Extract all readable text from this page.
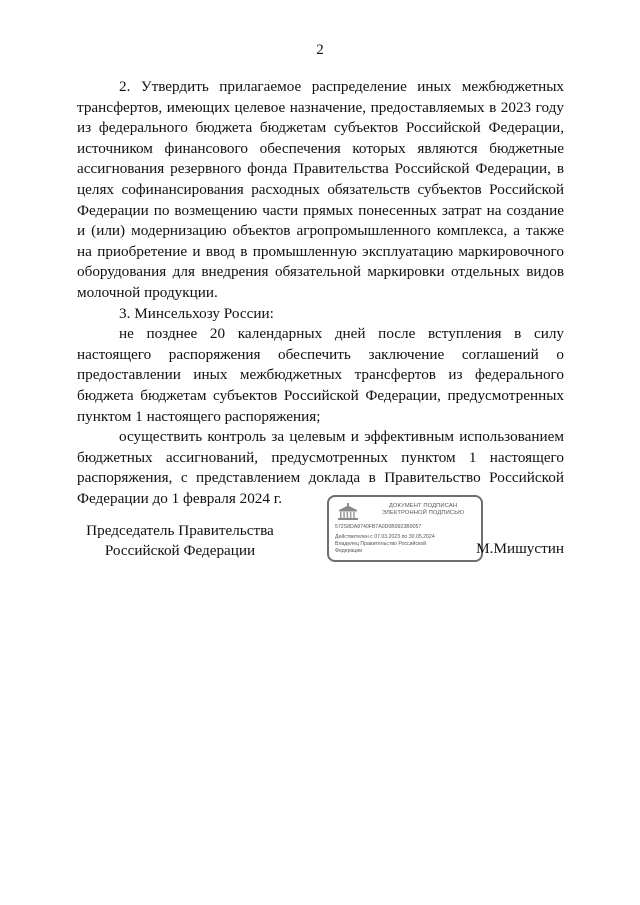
2

2. Утвердить прилагаемое распределение иных межбюджетных трансфертов, имеющих целевое назначение, предоставляемых в 2023 году из федерального бюджета бюджетам субъектов Российской Федерации, источником финансового обеспечения которых являются бюджетные ассигнования резервного фонда Правительства Российской Федерации, в целях софинансирования расходных обязательств субъектов Российской Федерации по возмещению части прямых понесенных затрат на создание и (или) модернизацию объектов агропромышленного комплекса, а также на приобретение и ввод в промышленную эксплуатацию маркировочного оборудования для внедрения обязательной маркировки отдельных видов молочной продукции.

3. Минсельхозу России:

не позднее 20 календарных дней после вступления в силу настоящего распоряжения обеспечить заключение соглашений о предоставлении иных межбюджетных трансфертов из федерального бюджета бюджетам субъектов Российской Федерации, предусмотренных пунктом 1 настоящего распоряжения;

осуществить контроль за целевым и эффективным использованием бюджетных ассигнований, предусмотренных пунктом 1 настоящего распоряжения, с представлением доклада в Правительство Российской Федерации до 1 февраля 2024 г.

Председатель Правительства
Российской Федерации
ДОКУМЕНТ ПОДПИСАН
ЭЛЕКТРОННОЙ ПОДПИСЬЮ
572S8DA8740FB7A0D0B9923B9057
Действителен с 07.03.2023 по 30.05.2024
Владелец Правительство Российской
Федерации	М.Мишустин
